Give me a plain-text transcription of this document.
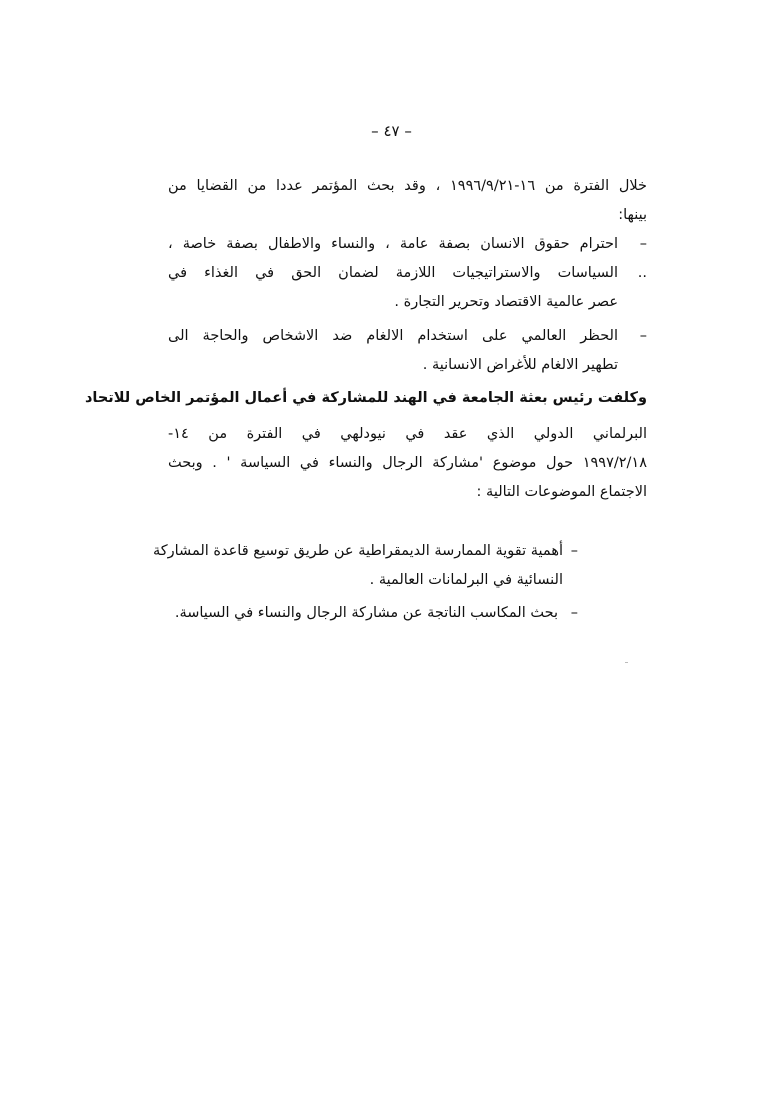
– ٤٧ –
خلال الفترة من ١٦-١٩٩٦/٩/٢١ ، وقد بحث المؤتمر عددا من القضايا من
بينها:
–
احترام حقوق الانسان بصفة عامة ، والنساء والاطفال بصفة خاصة ،
..
السياسات والاستراتيجيات اللازمة لضمان الحق في الغذاء في
عصر عالمية الاقتصاد وتحرير التجارة .
–
الحظر العالمي على استخدام الالغام ضد الاشخاص والحاجة الى
تطهير الالغام للأغراض الانسانية .
وكلفت رئيس بعثة الجامعة في الهند للمشاركة في أعمال المؤتمر الخاص للاتحاد
البرلماني الدولي الذي عقد في نيودلهي في الفترة من ١٤-
١٩٩٧/٢/١٨ حول موضوع 'مشاركة الرجال والنساء في السياسة ' . وبحث
الاجتماع الموضوعات التالية :
–
أهمية تقوية الممارسة الديمقراطية عن طريق توسيع قاعدة المشاركة
النسائية في البرلمانات العالمية .
–
بحث المكاسب الناتجة عن مشاركة الرجال والنساء في السياسة.
